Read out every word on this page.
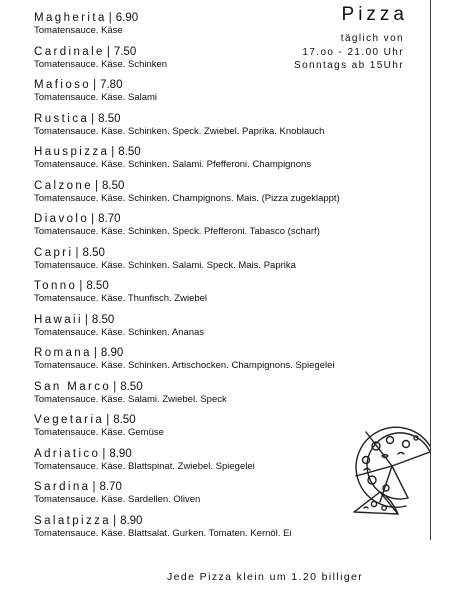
Pizza
täglich von
17.oo - 21.00 Uhr
Sonntags ab 15Uhr
Magherita | 6.90
Tomatensauce. Käse
Cardinale | 7.50
Tomatensauce. Käse. Schinken
Mafioso | 7.80
Tomatensauce. Käse. Salami
Rustica | 8.50
Tomatensauce. Käse. Schinken. Speck. Zwiebel. Paprika. Knoblauch
Hauspizza | 8.50
Tomatensauce. Käse. Schinken. Salami. Pfefferoni. Champignons
Calzone | 8.50
Tomatensauce. Käse. Schinken. Champignons. Mais. (Pizza zugeklappt)
Diavolo | 8.70
Tomatensauce. Käse. Schinken. Speck. Pfefferoni. Tabasco (scharf)
Capri | 8.50
Tomatensauce. Käse. Schinken. Salami. Speck. Mais. Paprika
Tonno | 8.50
Tomatensauce. Käse. Thunfisch. Zwiebel
Hawaii | 8.50
Tomatensauce. Käse. Schinken. Ananas
Romana | 8.90
Tomatensauce. Käse. Schinken. Artischocken. Champignons. Spiegelei
San Marco | 8.50
Tomatensauce. Käse. Salami. Zwiebel. Speck
Vegetaria | 8.50
Tomatensauce. Käse. Gemüse
Adriatico | 8.90
Tomatensauce. Käse. Blattspinat. Zwiebel. Spiegelei
Sardina | 8.70
Tomatensauce. Käse. Sardellen. Oliven
Salatpizza | 8.90
Tomatensauce. Käse. Blattsalat. Gurken. Tomaten. Kernöl. Ei
Jede Pizza klein um 1.20 billiger
